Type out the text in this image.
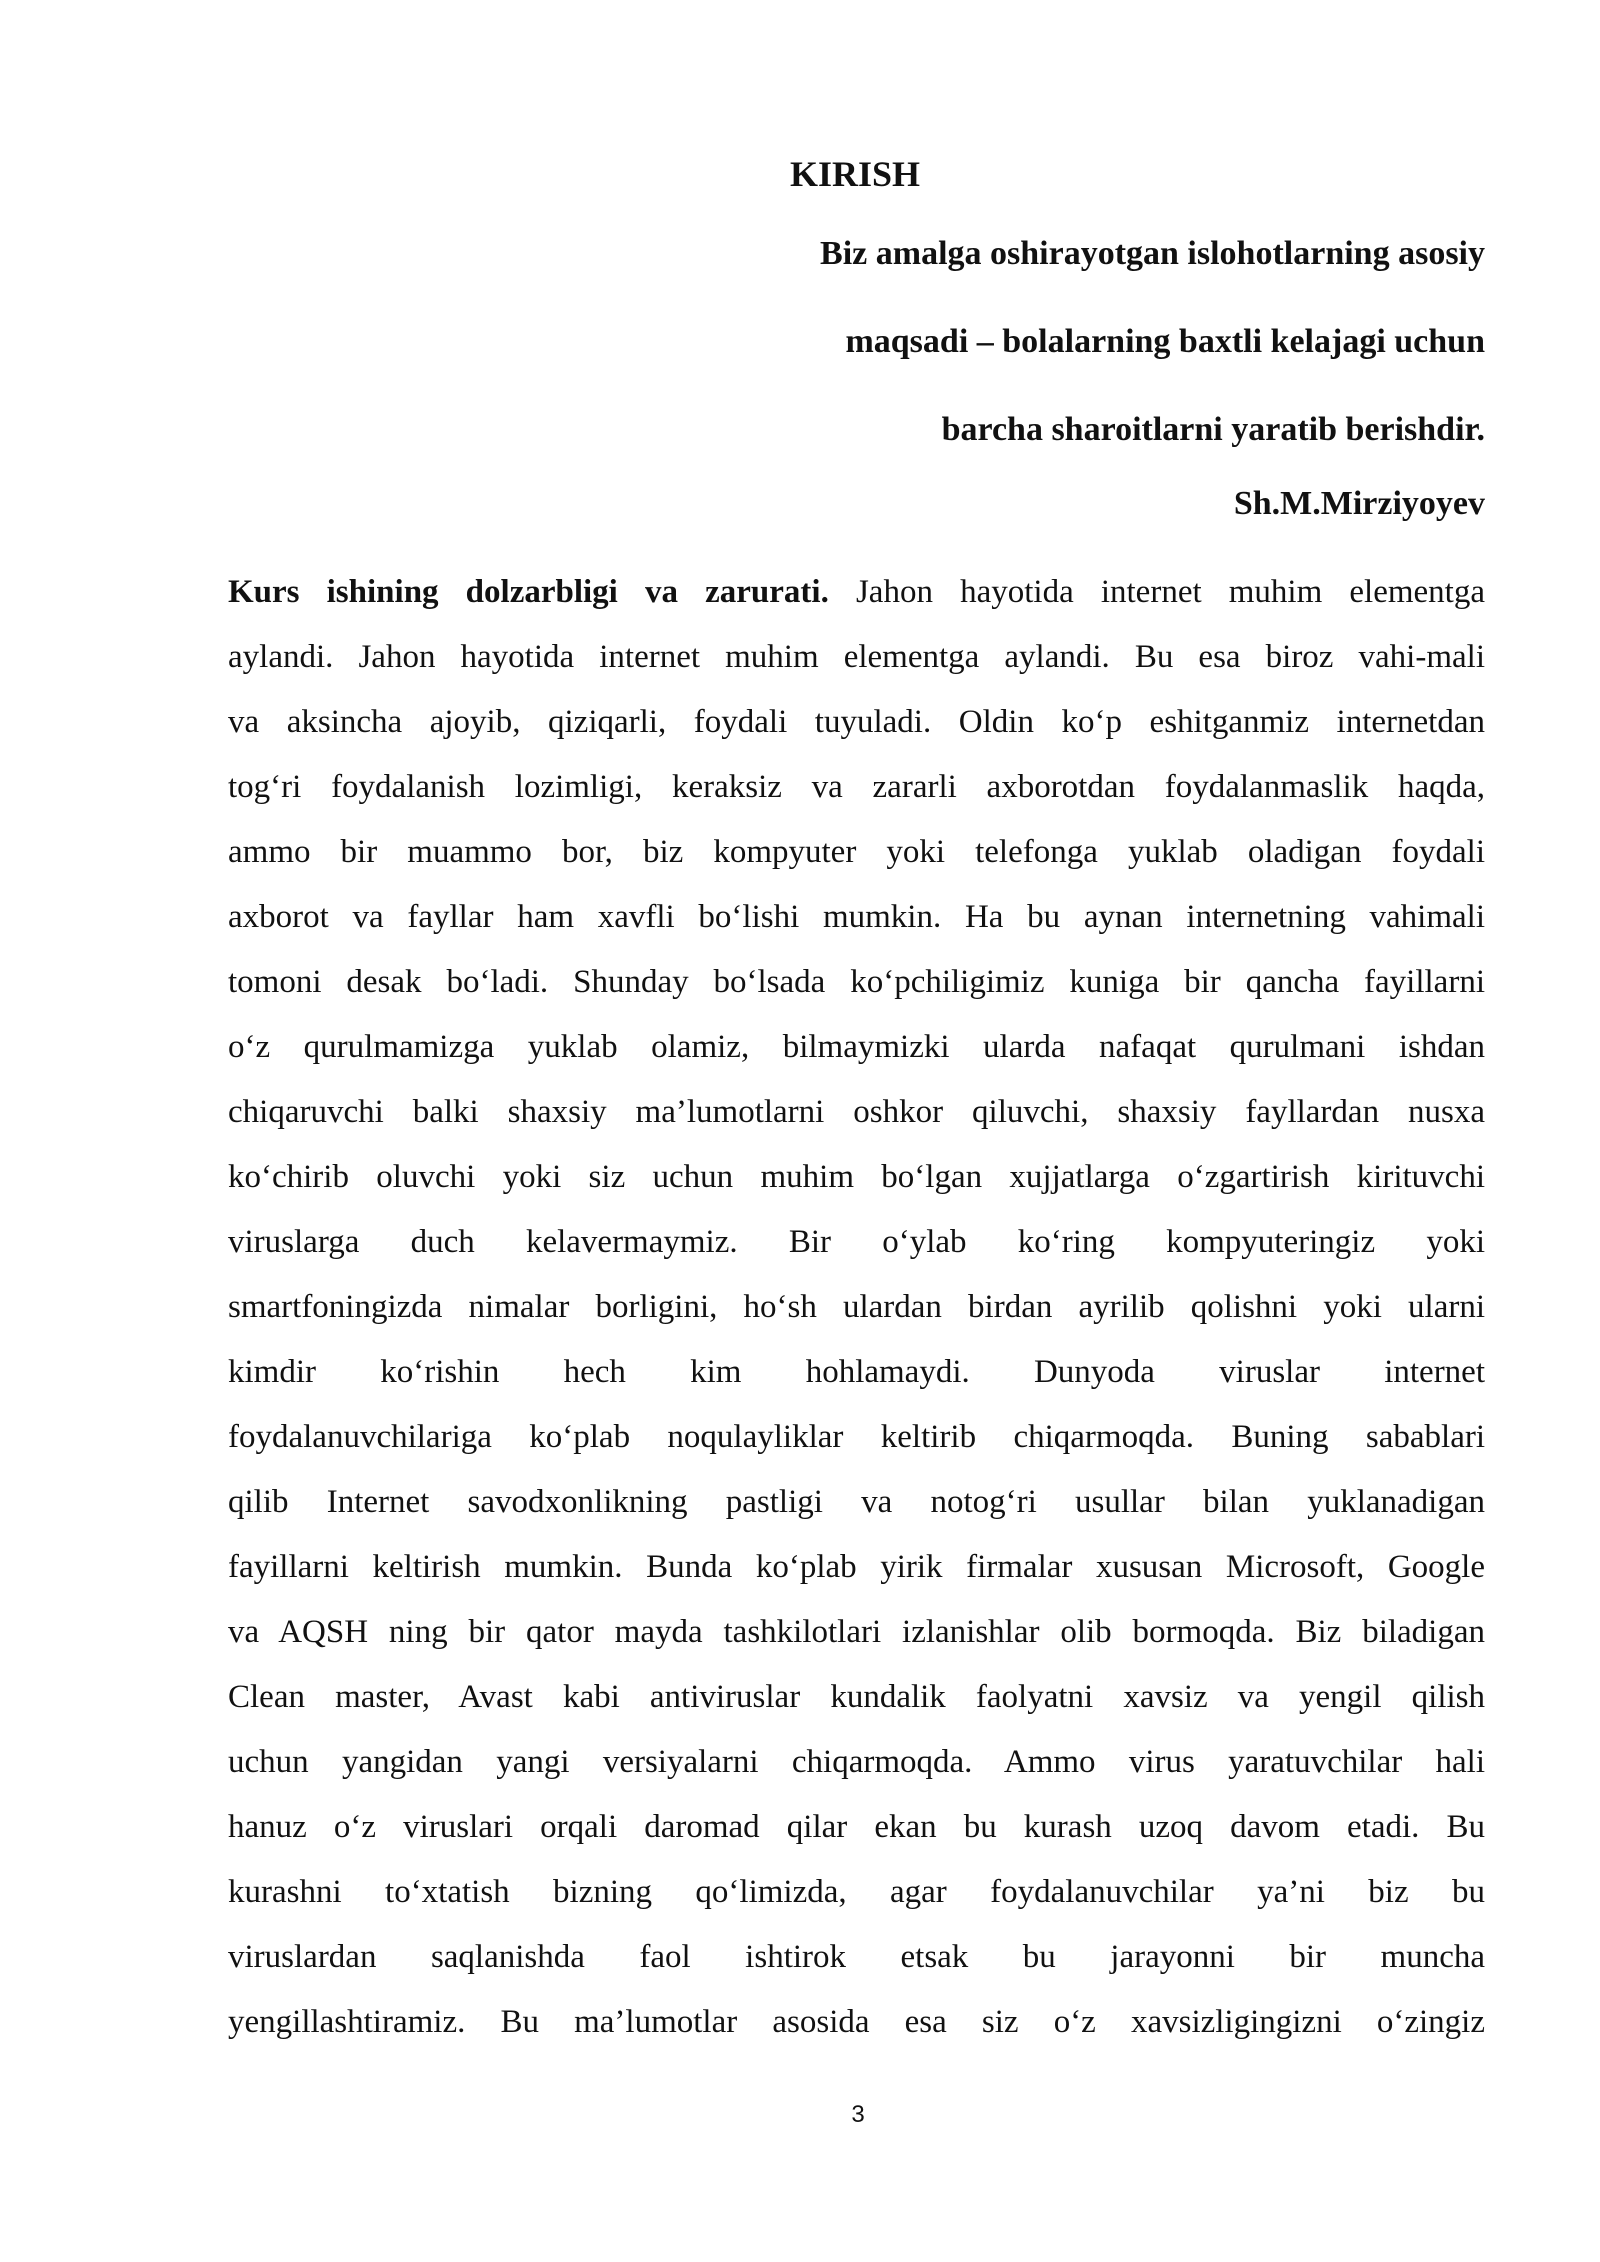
KIRISH
Biz amalga oshirayotgan islohotlarning asosiy
maqsadi – bolalarning baxtli kelajagi uchun
barcha sharoitlarni yaratib berishdir.
Sh.M.Mirziyoyev
Kurs ishining dolzarbligi va zarurati. Jahon hayotida internet muhim elementga
aylandi. Jahon hayotida internet muhim elementga aylandi. Bu esa biroz vahi-mali
va aksincha ajoyib, qiziqarli, foydali tuyuladi. Oldin ko‘p eshitganmiz internetdan
tog‘ri foydalanish lozimligi, keraksiz va zararli axborotdan foydalanmaslik haqda,
ammo bir muammo bor, biz kompyuter yoki telefonga yuklab oladigan foydali
axborot va fayllar ham xavfli bo‘lishi mumkin. Ha bu aynan internetning vahimali
tomoni desak bo‘ladi. Shunday bo‘lsada ko‘pchiligimiz kuniga bir qancha fayillarni
o‘z qurulmamizga yuklab olamiz, bilmaymizki ularda nafaqat qurulmani ishdan
chiqaruvchi balki shaxsiy ma’lumotlarni oshkor qiluvchi, shaxsiy fayllardan nusxa
ko‘chirib oluvchi yoki siz uchun muhim bo‘lgan xujjatlarga o‘zgartirish kirituvchi
viruslarga duch kelavermaymiz. Bir o‘ylab ko‘ring kompyuteringiz yoki
smartfoningizda nimalar borligini, ho‘sh ulardan birdan ayrilib qolishni yoki ularni
kimdir ko‘rishin hech kim hohlamaydi. Dunyoda viruslar internet
foydalanuvchilariga ko‘plab noqulayliklar keltirib chiqarmoqda. Buning sabablari
qilib Internet savodxonlikning pastligi va notog‘ri usullar bilan yuklanadigan
fayillarni keltirish mumkin. Bunda ko‘plab yirik firmalar xususan Microsoft, Google
va AQSH ning bir qator mayda tashkilotlari izlanishlar olib bormoqda. Biz biladigan
Clean master, Avast kabi antiviruslar kundalik faolyatni xavsiz va yengil qilish
uchun yangidan yangi versiyalarni chiqarmoqda. Ammo virus yaratuvchilar hali
hanuz o‘z viruslari orqali daromad qilar ekan bu kurash uzoq davom etadi. Bu
kurashni to‘xtatish bizning qo‘limizda, agar foydalanuvchilar ya’ni biz bu
viruslardan saqlanishda faol ishtirok etsak bu jarayonni bir muncha
yengillashtiramiz. Bu ma’lumotlar asosida esa siz o‘z xavsizligingizni o‘zingiz
3
